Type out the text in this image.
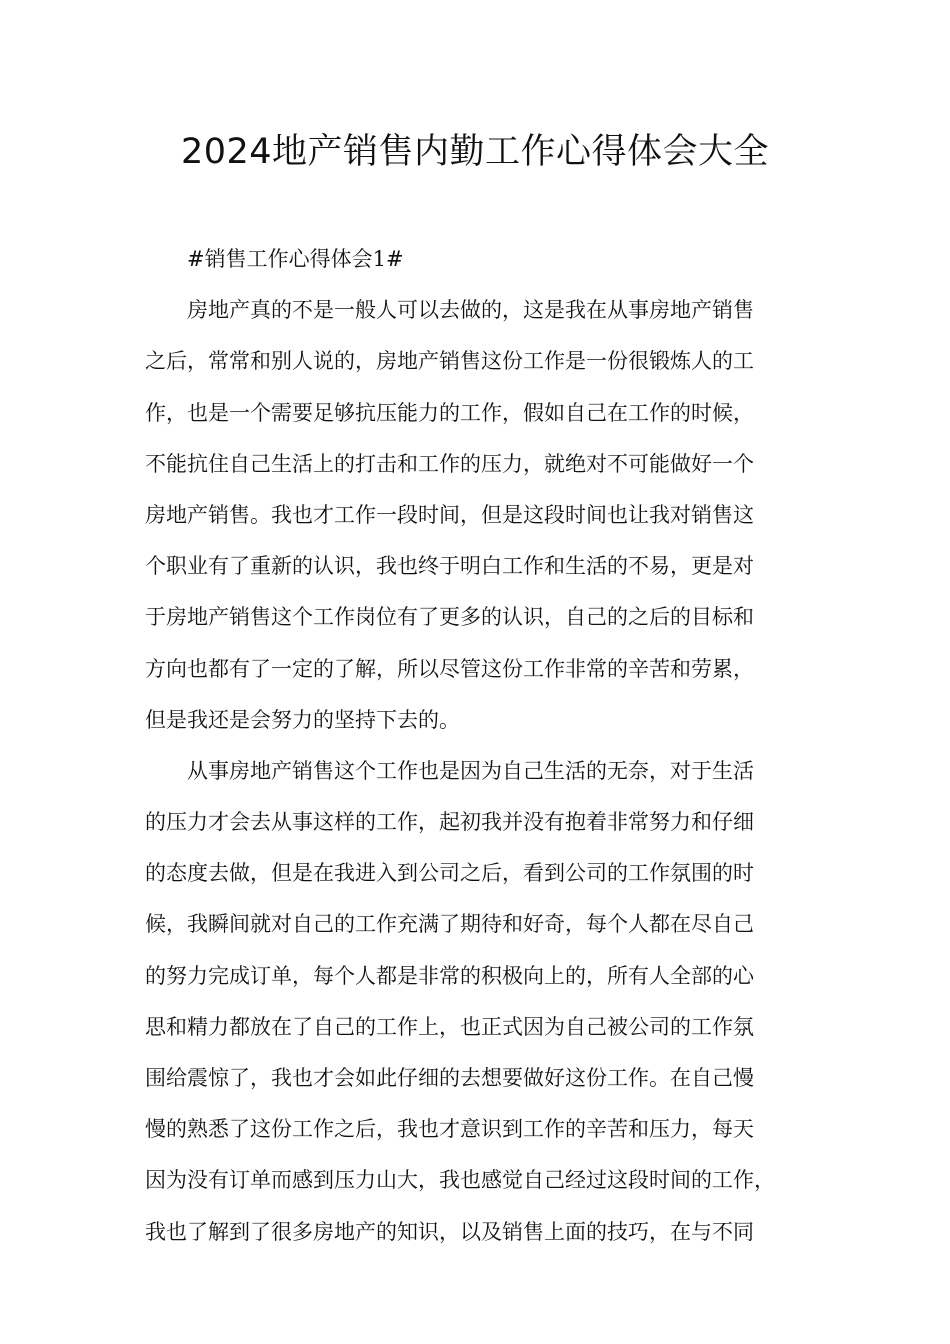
2024地产销售内勤工作心得体会大全
#销售工作心得体会1#
房地产真的不是一般人可以去做的，这是我在从事房地产销售
之后，常常和别人说的，房地产销售这份工作是一份很锻炼人的工
作，也是一个需要足够抗压能力的工作，假如自己在工作的时候，
不能抗住自己生活上的打击和工作的压力，就绝对不可能做好一个
房地产销售。我也才工作一段时间，但是这段时间也让我对销售这
个职业有了重新的认识，我也终于明白工作和生活的不易，更是对
于房地产销售这个工作岗位有了更多的认识，自己的之后的目标和
方向也都有了一定的了解，所以尽管这份工作非常的辛苦和劳累，
但是我还是会努力的坚持下去的。
从事房地产销售这个工作也是因为自己生活的无奈，对于生活
的压力才会去从事这样的工作，起初我并没有抱着非常努力和仔细
的态度去做，但是在我进入到公司之后，看到公司的工作氛围的时
候，我瞬间就对自己的工作充满了期待和好奇，每个人都在尽自己
的努力完成订单，每个人都是非常的积极向上的，所有人全部的心
思和精力都放在了自己的工作上，也正式因为自己被公司的工作氛
围给震惊了，我也才会如此仔细的去想要做好这份工作。在自己慢
慢的熟悉了这份工作之后，我也才意识到工作的辛苦和压力，每天
因为没有订单而感到压力山大，我也感觉自己经过这段时间的工作，
我也了解到了很多房地产的知识，以及销售上面的技巧，在与不同
